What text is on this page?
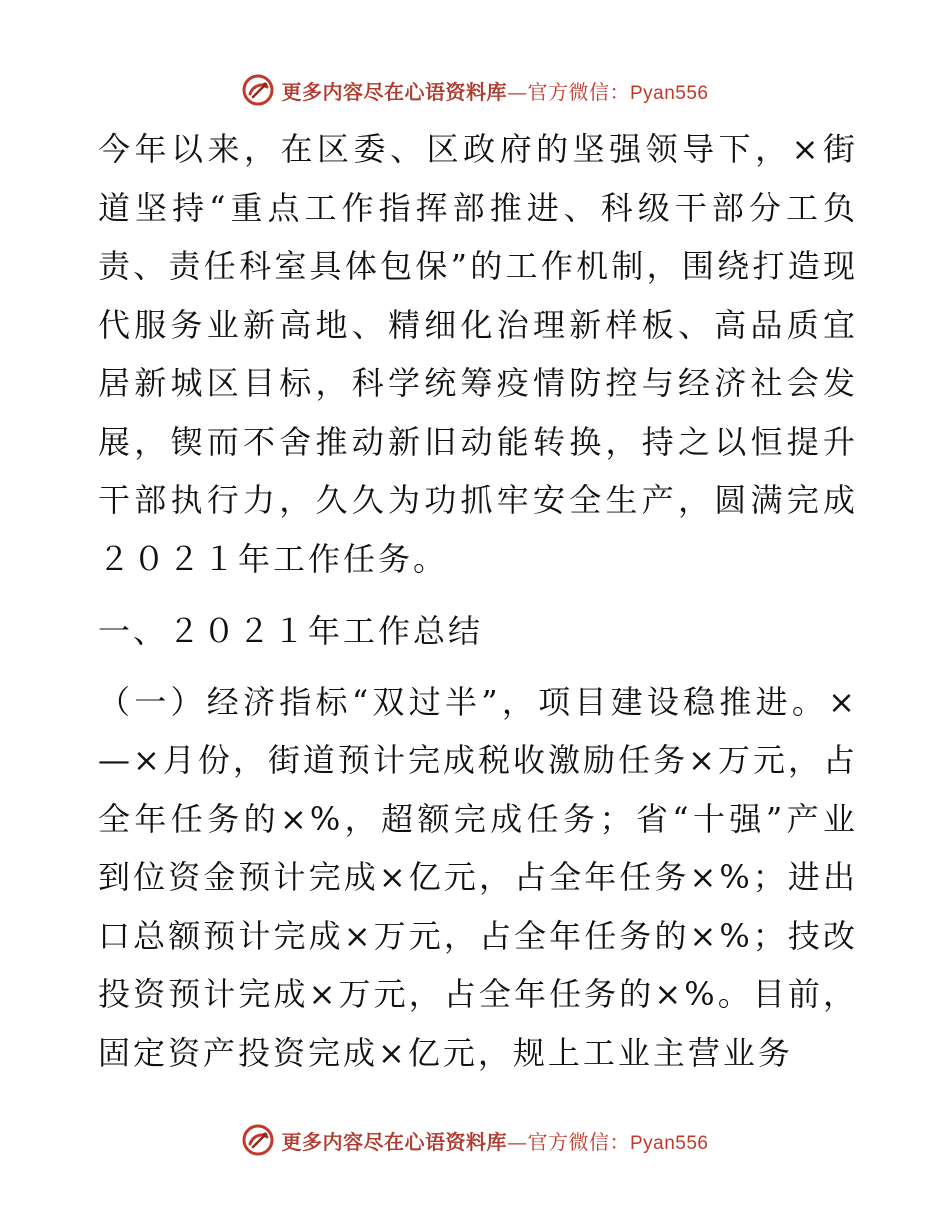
更多内容尽在心语资料库—官方微信：Pyan556

今年以来，在区委、区政府的坚强领导下，×街道坚持“重点工作指挥部推进、科级干部分工负责、责任科室具体包保”的工作机制，围绕打造现代服务业新高地、精细化治理新样板、高品质宜居新城区目标，科学统筹疫情防控与经济社会发展，锲而不舍推动新旧动能转换，持之以恒提升干部执行力，久久为功抓牢安全生产，圆满完成２０２１年工作任务。

一、２０２１年工作总结

（一）经济指标“双过半”，项目建设稳推进。×—×月份，街道预计完成税收激励任务×万元，占全年任务的×%，超额完成任务；省“十强”产业到位资金预计完成×亿元，占全年任务×%；进出口总额预计完成×万元，占全年任务的×%；技改投资预计完成×万元，占全年任务的×%。目前，固定资产投资完成×亿元，规上工业主营业务

更多内容尽在心语资料库—官方微信：Pyan556
